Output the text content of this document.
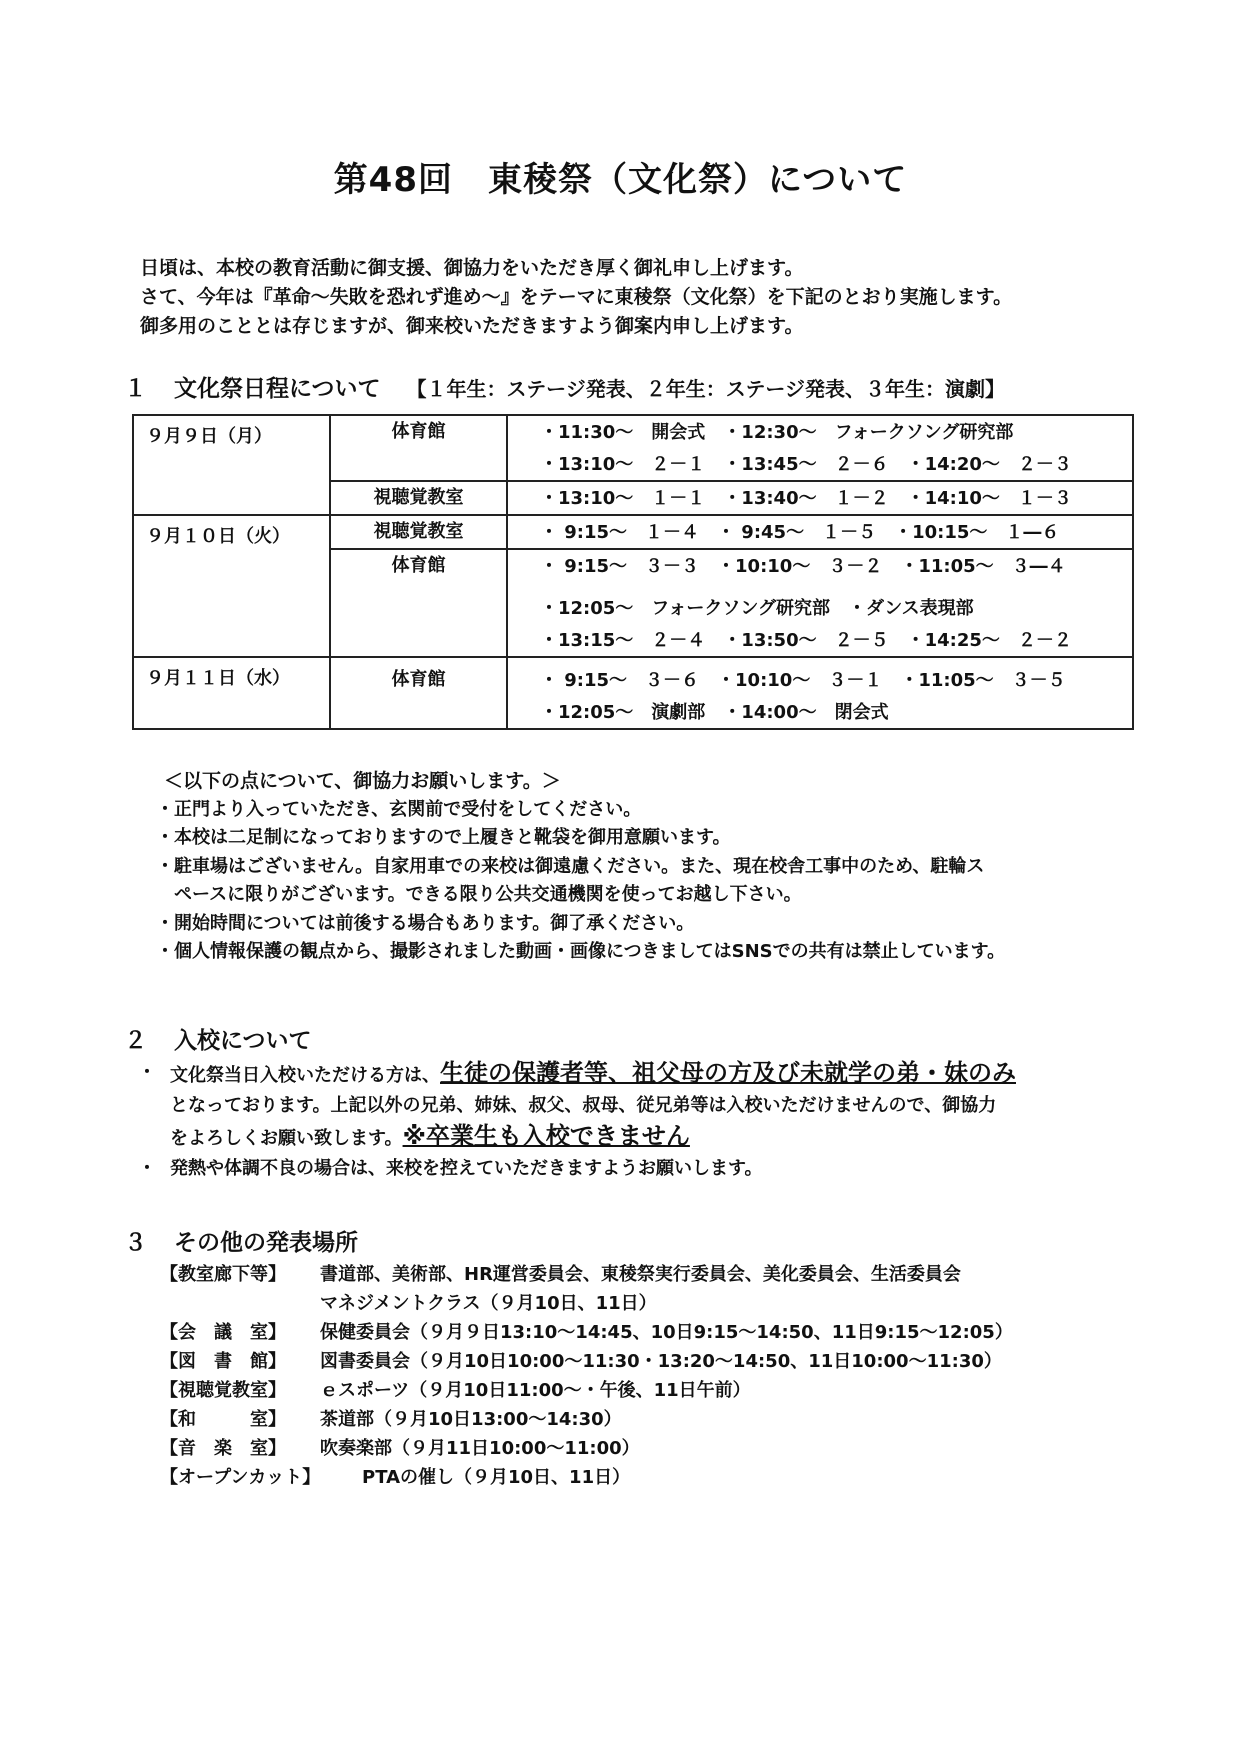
第48回　東稜祭（文化祭）について
日頃は、本校の教育活動に御支援、御協力をいただき厚く御礼申し上げます。
さて、今年は『革命～失敗を恐れず進め～』をテーマに東稜祭（文化祭）を下記のとおり実施します。
御多用のこととは存じますが、御来校いただきますよう御案内申し上げます。
１ 文化祭日程について 【１年生：ステージ発表、２年生：ステージ発表、３年生：演劇】
９月９日（月）	体育館	・11:30～　開会式　・12:30～　フォークソング研究部
・13:10～　２－１　・13:45～　２－６　・14:20～　２－３

	視聴覚教室	・13:10～　１－１　・13:40～　１－２　・14:10～　１－３

９月１０日（火）	視聴覚教室	・ 9:15～　１－４　・ 9:45～　１－５　・10:15～　１―６

	体育館	・ 9:15～　３－３　・10:10～　３－２　・11:05～　３―４
・12:05～　フォークソング研究部　・ダンス表現部
・13:15～　２－４　・13:50～　２－５　・14:25～　２－２

９月１１日（水）	体育館	・ 9:15～　３－６　・10:10～　３－１　・11:05～　３－５
・12:05～　演劇部　・14:00～　閉会式
＜以下の点について、御協力お願いします。＞
・正門より入っていただき、玄関前で受付をしてください。
・本校は二足制になっておりますので上履きと靴袋を御用意願います。
・駐車場はございません。自家用車での来校は御遠慮ください。また、現在校舎工事中のため、駐輪ス
ペースに限りがございます。できる限り公共交通機関を使ってお越し下さい。
・開始時間については前後する場合もあります。御了承ください。
・個人情報保護の観点から、撮影されました動画・画像につきましてはSNSでの共有は禁止しています。
２ 入校について
・ 文化祭当日入校いただける方は、生徒の保護者等、祖父母の方及び未就学の弟・妹のみ
となっております。上記以外の兄弟、姉妹、叔父、叔母、従兄弟等は入校いただけませんので、御協力
をよろしくお願い致します。※卒業生も入校できません
・ 発熱や体調不良の場合は、来校を控えていただきますようお願いします。
３ その他の発表場所
【教室廊下等】 書道部、美術部、HR運営委員会、東稜祭実行委員会、美化委員会、生活委員会
マネジメントクラス（９月10日、11日）
【会　議　室】 保健委員会（９月９日13:10～14:45、10日9:15～14:50、11日9:15～12:05）
【図　書　館】 図書委員会（９月10日10:00～11:30・13:20～14:50、11日10:00～11:30）
【視聴覚教室】 ｅスポーツ（９月10日11:00～・午後、11日午前）
【和　　　室】 茶道部（９月10日13:00～14:30）
【音　楽　室】 吹奏楽部（９月11日10:00～11:00）
【オープンカット】 PTAの催し（９月10日、11日）
